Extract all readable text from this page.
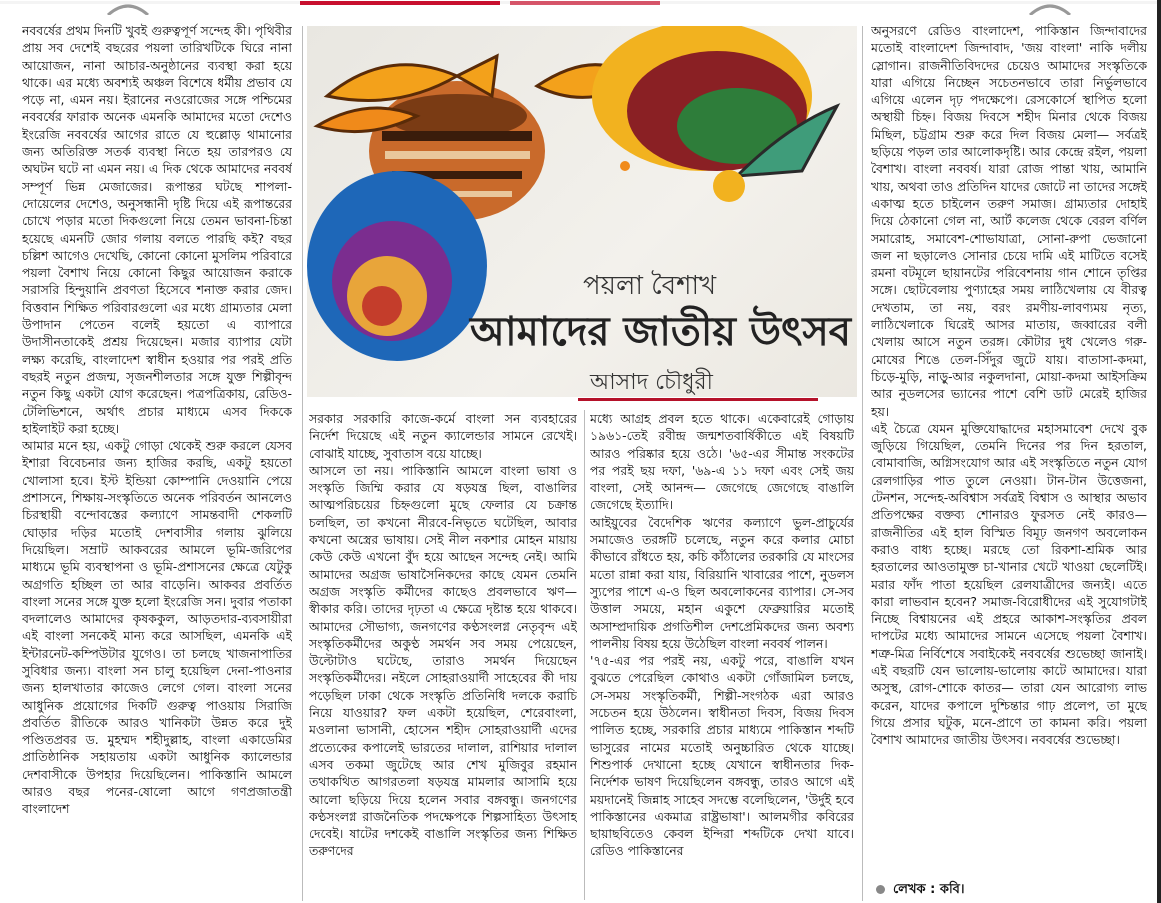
পয়লা বৈশাখ
আমাদের জাতীয় উৎসব
আসাদ চৌধুরী

নববর্ষের প্রথম দিনটি খুবই গুরুত্বপূর্ণ সন্দেহ কী। পৃথিবীর প্রায় সব দেশেই বছরের পয়লা তারিখটিকে ঘিরে নানা আয়োজন, নানা আচার-অনুষ্ঠানের ব্যবস্থা করা হয়ে থাকে। এর মধ্যে অবশ্যই অঞ্চল বিশেষে ধর্মীয় প্রভাব যে পড়ে না, এমন নয়। ইরানের নওরোজের সঙ্গে পশ্চিমের নববর্ষের ফারাক অনেক এমনকি আমাদের মতো দেশেও ইংরেজি নববর্ষের আগের রাতে যে হুল্লোড় থামানোর জন্য অতিরিক্ত সতর্ক ব্যবস্থা নিতে হয় তারপরও যে অঘটন ঘটে না এমন নয়। এ দিক থেকে আমাদের নববর্ষ সম্পূর্ণ ভিন্ন মেজাজের। রূপান্তর ঘটছে শাপলা-দোয়েলের দেশেও, অনুসন্ধানী দৃষ্টি দিয়ে এই রূপান্তরের চোখে পড়ার মতো দিকগুলো নিয়ে তেমন ভাবনা-চিন্তা হয়েছে এমনটি জোর গলায় বলতে পারছি কই? বছর চল্লিশ আগেও দেখেছি, কোনো কোনো মুসলিম পরিবারে পয়লা বৈশাখ নিয়ে কোনো কিছুর আয়োজন করাকে সরাসরি হিন্দুয়ানি প্রবণতা হিসেবে শনাক্ত করার জেদ। বিত্তবান শিক্ষিত পরিবারগুলো এর মধ্যে গ্রাম্যতার মেলা উপাদান পেতেন বলেই হয়তো এ ব্যাপারে উদাসীনতাকেই প্রশ্রয় দিয়েছেন। মজার ব্যাপার যেটা লক্ষ্য করেছি, বাংলাদেশ স্বাধীন হওয়ার পর পরই প্রতি বছরই নতুন প্রজন্ম, সৃজনশীলতার সঙ্গে যুক্ত শিল্পীবৃন্দ নতুন কিছু একটা যোগ করেছেন। পত্রপত্রিকায়, রেডিও-টেলিভিশনে, অর্থাৎ প্রচার মাধ্যমে এসব দিককে হাইলাইট করা হচ্ছে।

আমার মনে হয়, একটু গোড়া থেকেই শুরু করলে যেসব ইশারা বিবেচনার জন্য হাজির করছি, একটু হয়তো খোলাসা হবে। ইস্ট ইন্ডিয়া কোম্পানি দেওয়ানি পেয়ে প্রশাসনে, শিক্ষায়-সংস্কৃতিতে অনেক পরিবর্তন আনলেও চিরস্থায়ী বন্দোবস্তের কল্যাণে সামন্তবাদী শেকলটি ঘোড়ার দড়ির মতোই দেশবাসীর গলায় ঝুলিয়ে দিয়েছিল। সম্রাট আকবরের আমলে ভূমি-জরিপের মাধ্যমে ভূমি ব্যবস্থাপনা ও ভূমি-প্রশাসনের ক্ষেত্রে যেটুকু অগ্রগতি হচ্ছিল তা আর বাড়েনি। আকবর প্রবর্তিত বাংলা সনের সঙ্গে যুক্ত হলো ইংরেজি সন। দুবার পতাকা বদলালেও আমাদের কৃষককুল, আড়তদার-ব্যবসায়ীরা এই বাংলা সনকেই মান্য করে আসছিল, এমনকি এই ইন্টারনেট-কম্পিউটার যুগেও। তা চলছে খাজনাপাতির সুবিধার জন্য। বাংলা সন চালু হয়েছিল দেনা-পাওনার জন্য হালখাতার কাজেও লেগে গেল। বাংলা সনের আধুনিক প্রয়োগের দিকটি গুরুত্ব পাওয়ায় সিরাজি প্রবর্তিত রীতিকে আরও খানিকটা উন্নত করে দুই পণ্ডিতপ্রবর ড. মুহম্মদ শহীদুল্লাহ, বাংলা একাডেমির প্রাতিষ্ঠানিক সহায়তায় একটা আধুনিক ক্যালেন্ডার দেশবাসীকে উপহার দিয়েছিলেন। পাকিস্তানি আমলে আরও বছর পনের-ষোলো আগে গণপ্রজাতন্ত্রী বাংলাদেশ

সরকার সরকারি কাজে-কর্মে বাংলা সন ব্যবহারের নির্দেশ দিয়েছে এই নতুন ক্যালেন্ডার সামনে রেখেই। বোঝাই যাচ্ছে, সুবাতাস বয়ে যাচ্ছে।

আসলে তা নয়। পাকিস্তানি আমলে বাংলা ভাষা ও সংস্কৃতি জিম্মি করার যে ষড়যন্ত্র ছিল, বাঙালির আত্মপরিচয়ের চিহ্নগুলো মুছে ফেলার যে চক্রান্ত চলছিল, তা কখনো নীরবে-নিভৃতে ঘটেছিল, আবার কখনো অস্ত্রের ভাষায়। সেই নীল নকশার মোহন মায়ায় কেউ কেউ এখনো বুঁদ হয়ে আছেন সন্দেহ নেই। আমি আমাদের অগ্রজ ভাষাসৈনিকদের কাছে যেমন তেমনি অগ্রজ সংস্কৃতি কর্মীদের কাছেও প্রবলভাবে ঋণ— স্বীকার করি। তাদের দৃঢ়তা এ ক্ষেত্রে দৃষ্টান্ত হয়ে থাকবে। আমাদের সৌভাগ্য, জনগণের কণ্ঠসংলগ্ন নেতৃবৃন্দ এই সংস্কৃতিকর্মীদের অকুণ্ঠ সমর্থন সব সময় পেয়েছেন, উল্টোটাও ঘটেছে, তারাও সমর্থন দিয়েছেন সংস্কৃতিকর্মীদের। নইলে সোহরাওয়ার্দী সাহেবের কী দায় পড়েছিল ঢাকা থেকে সংস্কৃতি প্রতিনিধি দলকে করাচি নিয়ে যাওয়ার? ফল একটা হয়েছিল, শেরেবাংলা, মওলানা ভাসানী, হোসেন শহীদ সোহরাওয়ার্দী এদের প্রত্যেকের কপালেই ভারতের দালাল, রাশিয়ার দালাল এসব তকমা জুটেছে আর শেখ মুজিবুর রহমান তথাকথিত আগরতলা ষড়যন্ত্র মামলার আসামি হয়ে আলো ছড়িয়ে দিয়ে হলেন সবার বঙ্গবন্ধু। জনগণের কণ্ঠসংলগ্ন রাজনৈতিক পদক্ষেপকে শিল্পসাহিত্য উৎসাহ দেবেই। ষাটের দশকেই বাঙালি সংস্কৃতির জন্য শিক্ষিত তরুণদের

মধ্যে আগ্রহ প্রবল হতে থাকে। একেবারেই গোড়ায় ১৯৬১-তেই রবীন্দ্র জন্মশতবার্ষিকীতে এই বিষয়টি আরও পরিষ্কার হয়ে ওঠে। '৬৫-এর সীমান্ত সংকটের পর পরই ছয় দফা, '৬৯-এ ১১ দফা এবং সেই জয় বাংলা, সেই আনন্দ— জেগেছে জেগেছে বাঙালি জেগেছে ইত্যাদি।

আইয়ুবের বৈদেশিক ঋণের কল্যাণে ভুল-প্রাচুর্যের সমাজেও তরঙ্গটি চলেছে, নতুন করে কলার মোচা কীভাবে রাঁধতে হয়, কচি কাঁঠালের তরকারি যে মাংসের মতো রান্না করা যায়, বিরিয়ানি খাবারের পাশে, নুডলস স্যুপের পাশে এ-ও ছিল অবলোকনের ব্যাপার। সে-সব উত্তাল সময়ে, মহান একুশে ফেব্রুয়ারির মতোই অসাম্প্রদায়িক প্রগতিশীল দেশপ্রেমিকদের জন্য অবশ্য পালনীয় বিষয় হয়ে উঠেছিল বাংলা নববর্ষ পালন।

'৭৫-এর পর পরই নয়, একটু পরে, বাঙালি যখন বুঝতে পেরেছিল কোথাও একটা গোঁজামিল চলছে, সে-সময় সংস্কৃতিকর্মী, শিল্পী-সংগঠক এরা আরও সচেতন হয়ে উঠলেন। স্বাধীনতা দিবস, বিজয় দিবস পালিত হচ্ছে, সরকারি প্রচার মাধ্যমে পাকিস্তান শব্দটি ভাসুরের নামের মতোই অনুচ্চারিত থেকে যাচ্ছে। শিশুপার্ক দেখানো হচ্ছে যেখানে স্বাধীনতার দিক-নির্দেশক ভাষণ দিয়েছিলেন বঙ্গবন্ধু, তারও আগে এই ময়দানেই জিন্নাহ সাহেব সদম্ভে বলেছিলেন, 'উর্দুই হবে পাকিস্তানের একমাত্র রাষ্ট্রভাষা'। আলমগীর কবিরের ছায়াছবিতেও কেবল ইন্দিরা শব্দটিকে দেখা যাবে। রেডিও পাকিস্তানের

অনুসরণে রেডিও বাংলাদেশ, পাকিস্তান জিন্দাবাদের মতোই বাংলাদেশ জিন্দাবাদ, 'জয় বাংলা' নাকি দলীয় স্লোগান। রাজনীতিবিদদের চেয়েও আমাদের সংস্কৃতিকে যারা এগিয়ে নিচ্ছেন সচেতনভাবে তারা নির্ভুলভাবে এগিয়ে এলেন দৃঢ় পদক্ষেপে। রেসকোর্সে স্থাপিত হলো অস্থায়ী চিহ্ন। বিজয় দিবসে শহীদ মিনার থেকে বিজয় মিছিল, চট্টগ্রাম শুরু করে দিল বিজয় মেলা— সর্বত্রই ছড়িয়ে পড়ল তার আলোকদৃষ্টি। আর কেন্দ্রে রইল, পয়লা বৈশাখ। বাংলা নববর্ষ। যারা রোজ পান্তা খায়, আমানি খায়, অথবা তাও প্রতিদিন যাদের জোটে না তাদের সঙ্গেই একাত্ম হতে চাইলেন তরুণ সমাজ। গ্রাম্যতার দোহাই দিয়ে ঠেকানো গেল না, আর্ট কলেজ থেকে বেরল বর্ণিল সমারোহ, সমাবেশ-শোভাযাত্রা, সোনা-রুপা ভেজানো জল না ছড়ালেও সোনার চেয়ে দামি এই মাটিতে বসেই রমনা বটমূলে ছায়ানটের পরিবেশনায় গান শোনে তৃপ্তির সঙ্গে। ছোটবেলায় পুণ্যাহের সময় লাঠিখেলায় যে বীরত্ব দেখতাম, তা নয়, বরং রমণীয়-লাবণ্যময় নৃত্য, লাঠিখেলাকে ঘিরেই আসর মাতায়, জব্বারের বলী খেলায় আসে নতুন তরঙ্গ। কৌটার দুধ খেলেও গরু-মোষের শিঙে তেল-সিঁদুর জুটে যায়। বাতাসা-কদমা, চিড়ে-মুড়ি, নাড়ু-আর নকুলদানা, মোয়া-কদমা আইসক্রিম আর নুডলসের ভ্যানের পাশে বেশি ডাট মেরেই হাজির হয়।

এই চৈত্রে যেমন মুক্তিযোদ্ধাদের মহাসমাবেশ দেখে বুক জুড়িয়ে গিয়েছিল, তেমনি দিনের পর দিন হরতাল, বোমাবাজি, অগ্নিসংযোগ আর এই সংস্কৃতিতে নতুন যোগ রেলগাড়ির পাত তুলে নেওয়া। টান-টান উত্তেজনা, টেনশন, সন্দেহ-অবিশ্বাস সর্বত্রই বিশ্বাস ও আস্থার অভাব প্রতিপক্ষের বক্তব্য শোনারও ফুরসত নেই কারও— রাজনীতির এই হাল বিস্মিত বিমূঢ় জনগণ অবলোকন করাও বাধ্য হচ্ছে। মরছে তো রিকশা-শ্রমিক আর হরতালের আওতামুক্ত চা-খানার খেটে খাওয়া ছেলেটিই। মরার ফাঁদ পাতা হয়েছিল রেলযাত্রীদের জন্যই। এতে কারা লাভবান হবেন? সমাজ-বিরোধীদের এই সুযোগটাই নিচ্ছে বিশ্বায়নের এই প্রহরে আকাশ-সংস্কৃতির প্রবল দাপটের মধ্যে আমাদের সামনে এসেছে পয়লা বৈশাখ। শত্রু-মিত্র নির্বিশেষে সবাইকেই নববর্ষের শুভেচ্ছা জানাই। এই বছরটি যেন ভালোয়-ভালোয় কাটে আমাদের। যারা অসুস্থ, রোগ-শোকে কাতর— তারা যেন আরোগ্য লাভ করেন, যাদের কপালে দুশ্চিন্তার গাঢ় প্রলেপ, তা মুছে গিয়ে প্রসার ঘটুক, মনে-প্রাণে তা কামনা করি। পয়লা বৈশাখ আমাদের জাতীয় উৎসব। নববর্ষের শুভেচ্ছা।

লেখক : কবি।
